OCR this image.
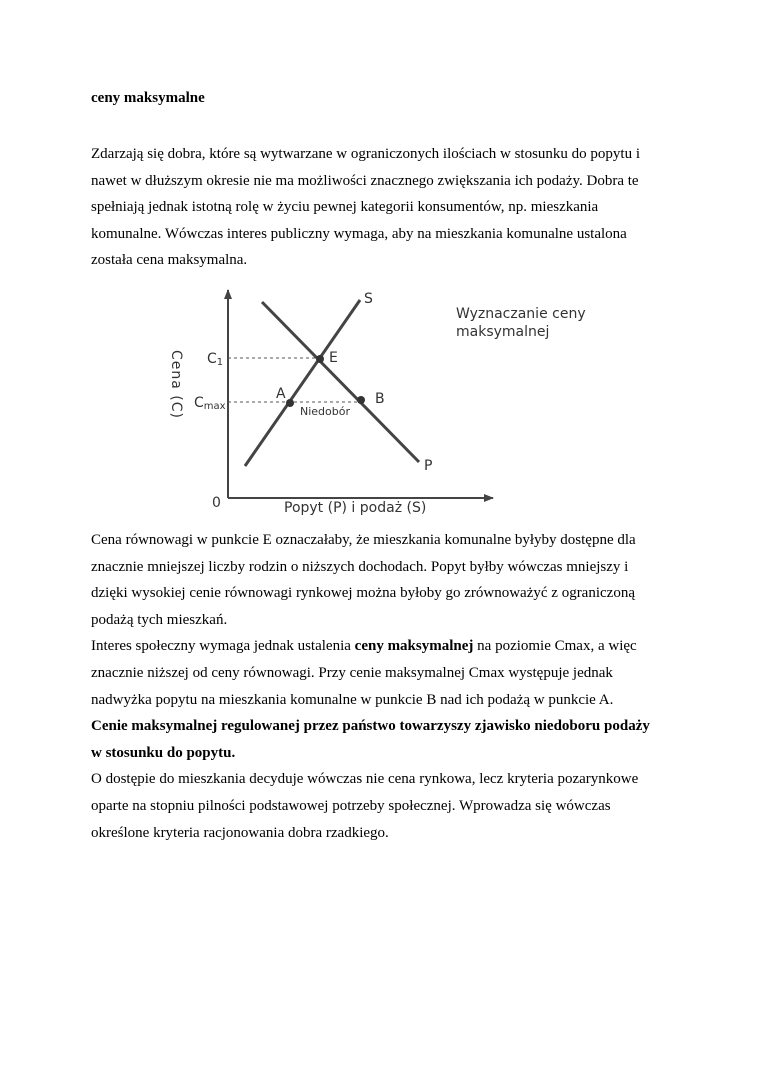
ceny maksymalne
Zdarzają się dobra, które są wytwarzane w ograniczonych ilościach w stosunku do popytu i
nawet w dłuższym okresie nie ma możliwości znacznego zwiększania ich podaży. Dobra te
spełniają jednak istotną rolę w życiu pewnej kategorii konsumentów, np. mieszkania
komunalne. Wówczas interes publiczny wymaga, aby na mieszkania komunalne ustalona
została cena maksymalna.
Cena (C)
Popyt (P) i podaż (S)
0
C1
Cmax
S
P
E
A	B
Niedobór
Wyznaczanie ceny
maksymalnej
Cena równowagi w punkcie E oznaczałaby, że mieszkania komunalne byłyby dostępne dla
znacznie mniejszej liczby rodzin o niższych dochodach. Popyt byłby wówczas mniejszy i
dzięki wysokiej cenie równowagi rynkowej można byłoby go zrównoważyć z ograniczoną
podażą tych mieszkań.
Interes społeczny wymaga jednak ustalenia ceny maksymalnej na poziomie Cmax, a więc
znacznie niższej od ceny równowagi. Przy cenie maksymalnej Cmax występuje jednak
nadwyżka popytu na mieszkania komunalne w punkcie B nad ich podażą w punkcie A.
Cenie maksymalnej regulowanej przez państwo towarzyszy zjawisko niedoboru podaży
w stosunku do popytu.
O dostępie do mieszkania decyduje wówczas nie cena rynkowa, lecz kryteria pozarynkowe
oparte na stopniu pilności podstawowej potrzeby społecznej. Wprowadza się wówczas
określone kryteria racjonowania dobra rzadkiego.
